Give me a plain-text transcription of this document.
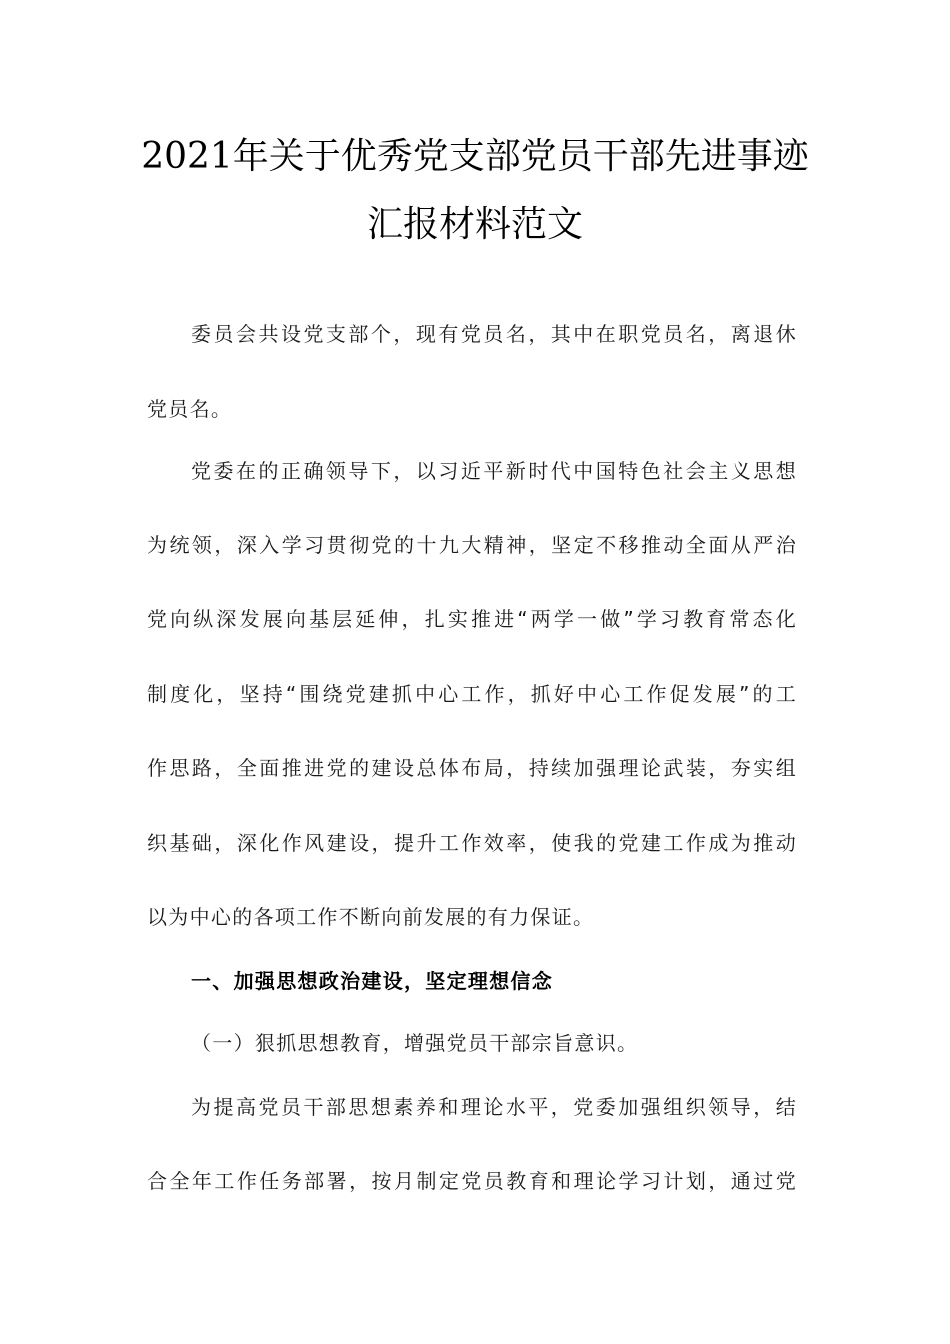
2021年关于优秀党支部党员干部先进事迹
汇报材料范文

委员会共设党支部个，现有党员名，其中在职党员名，离退休

党员名。

党委在的正确领导下，以习近平新时代中国特色社会主义思想

为统领，深入学习贯彻党的十九大精神，坚定不移推动全面从严治

党向纵深发展向基层延伸，扎实推进“两学一做”学习教育常态化

制度化，坚持“围绕党建抓中心工作，抓好中心工作促发展”的工

作思路，全面推进党的建设总体布局，持续加强理论武装，夯实组

织基础，深化作风建设，提升工作效率，使我的党建工作成为推动

以为中心的各项工作不断向前发展的有力保证。

一、加强思想政治建设，坚定理想信念

（一）狠抓思想教育，增强党员干部宗旨意识。

为提高党员干部思想素养和理论水平，党委加强组织领导，结

合全年工作任务部署，按月制定党员教育和理论学习计划，通过党
